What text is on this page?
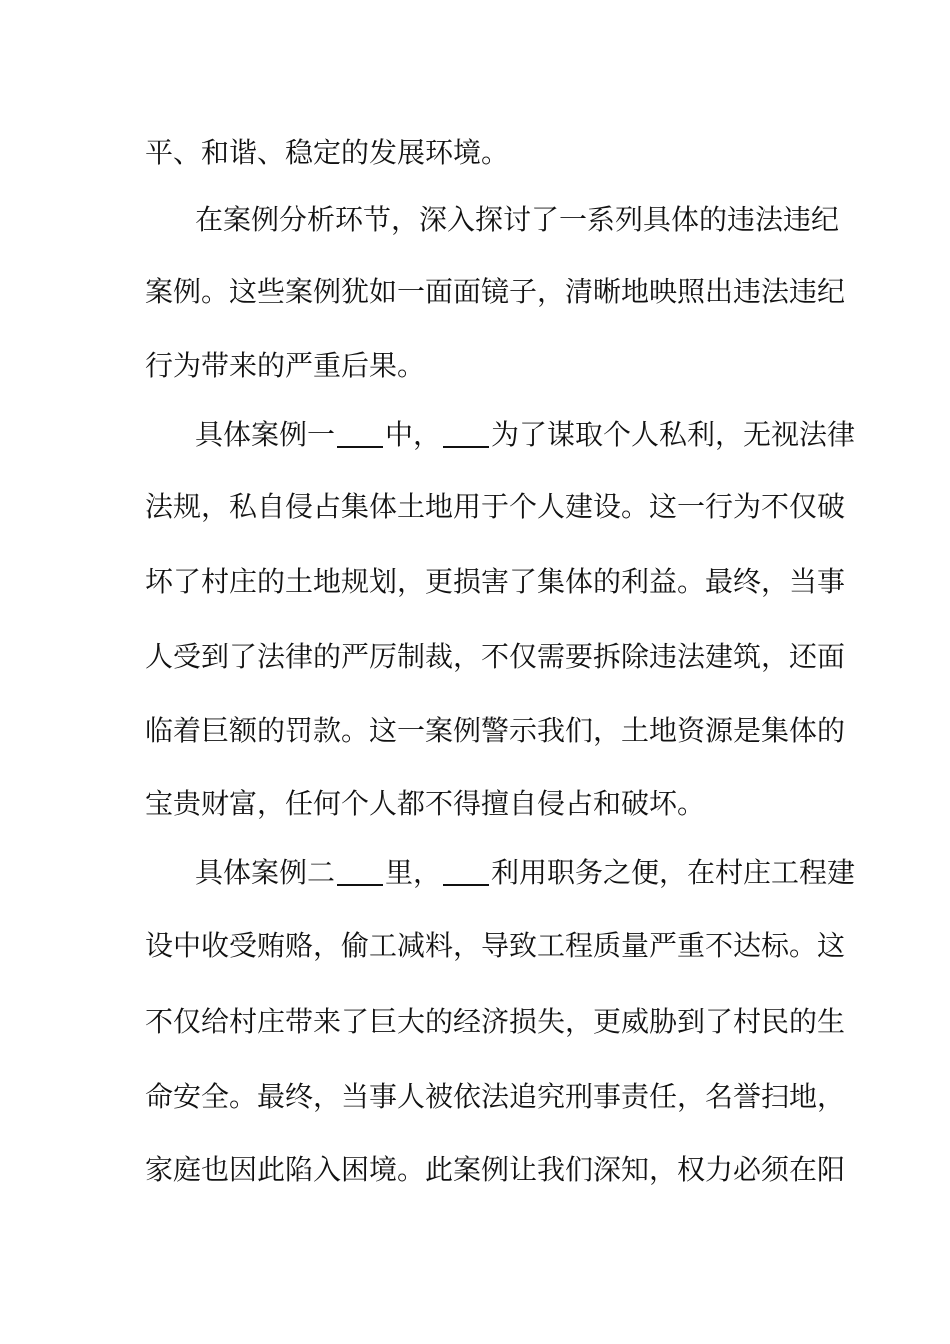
平、和谐、稳定的发展环境。
在案例分析环节，深入探讨了一系列具体的违法违纪
案例。这些案例犹如一面面镜子，清晰地映照出违法违纪
行为带来的严重后果。
具体案例一 中， 为了谋取个人私利，无视法律
法规，私自侵占集体土地用于个人建设。这一行为不仅破
坏了村庄的土地规划，更损害了集体的利益。最终，当事
人受到了法律的严厉制裁，不仅需要拆除违法建筑，还面
临着巨额的罚款。这一案例警示我们，土地资源是集体的
宝贵财富，任何个人都不得擅自侵占和破坏。
具体案例二 里， 利用职务之便，在村庄工程建
设中收受贿赂，偷工减料，导致工程质量严重不达标。这
不仅给村庄带来了巨大的经济损失，更威胁到了村民的生
命安全。最终，当事人被依法追究刑事责任，名誉扫地，
家庭也因此陷入困境。此案例让我们深知，权力必须在阳
